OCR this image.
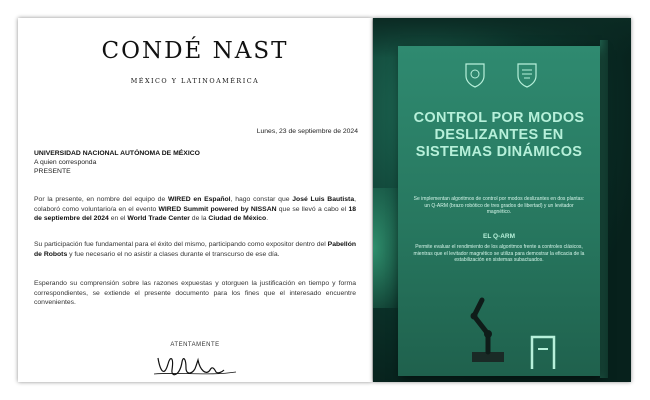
CONDÉ NAST
MÉXICO Y LATINOAMÉRICA
Lunes, 23 de septiembre de 2024
UNIVERSIDAD NACIONAL AUTÓNOMA DE MÉXICO
A quien corresponda
PRESENTE
Por la presente, en nombre del equipo de WIRED en Español, hago constar que José Luis Bautista, colaboró como voluntario/a en el evento WIRED Summit powered by NISSAN que se llevó a cabo el 18 de septiembre del 2024 en el World Trade Center de la Ciudad de México.
Su participación fue fundamental para el éxito del mismo, participando como expositor dentro del Pabellón de Robots y fue necesario el no asistir a clases durante el transcurso de ese día.
Esperando su comprensión sobre las razones expuestas y otorguen la justificación en tiempo y forma correspondientes, se extiende el presente documento para los fines que el interesado encuentre convenientes.
ATENTAMENTE
CONTROL POR MODOS DESLIZANTES EN SISTEMAS DINÁMICOS
Se implementan algoritmos de control por modos deslizantes en dos plantas: un Q-ARM (brazo robótico de tres grados de libertad) y un levitador magnético.
EL Q-ARM
Permite evaluar el rendimiento de los algoritmos frente a controles clásicos, mientras que el levitador magnético se utiliza para demostrar la eficacia de la estabilización en sistemas subactuados.
